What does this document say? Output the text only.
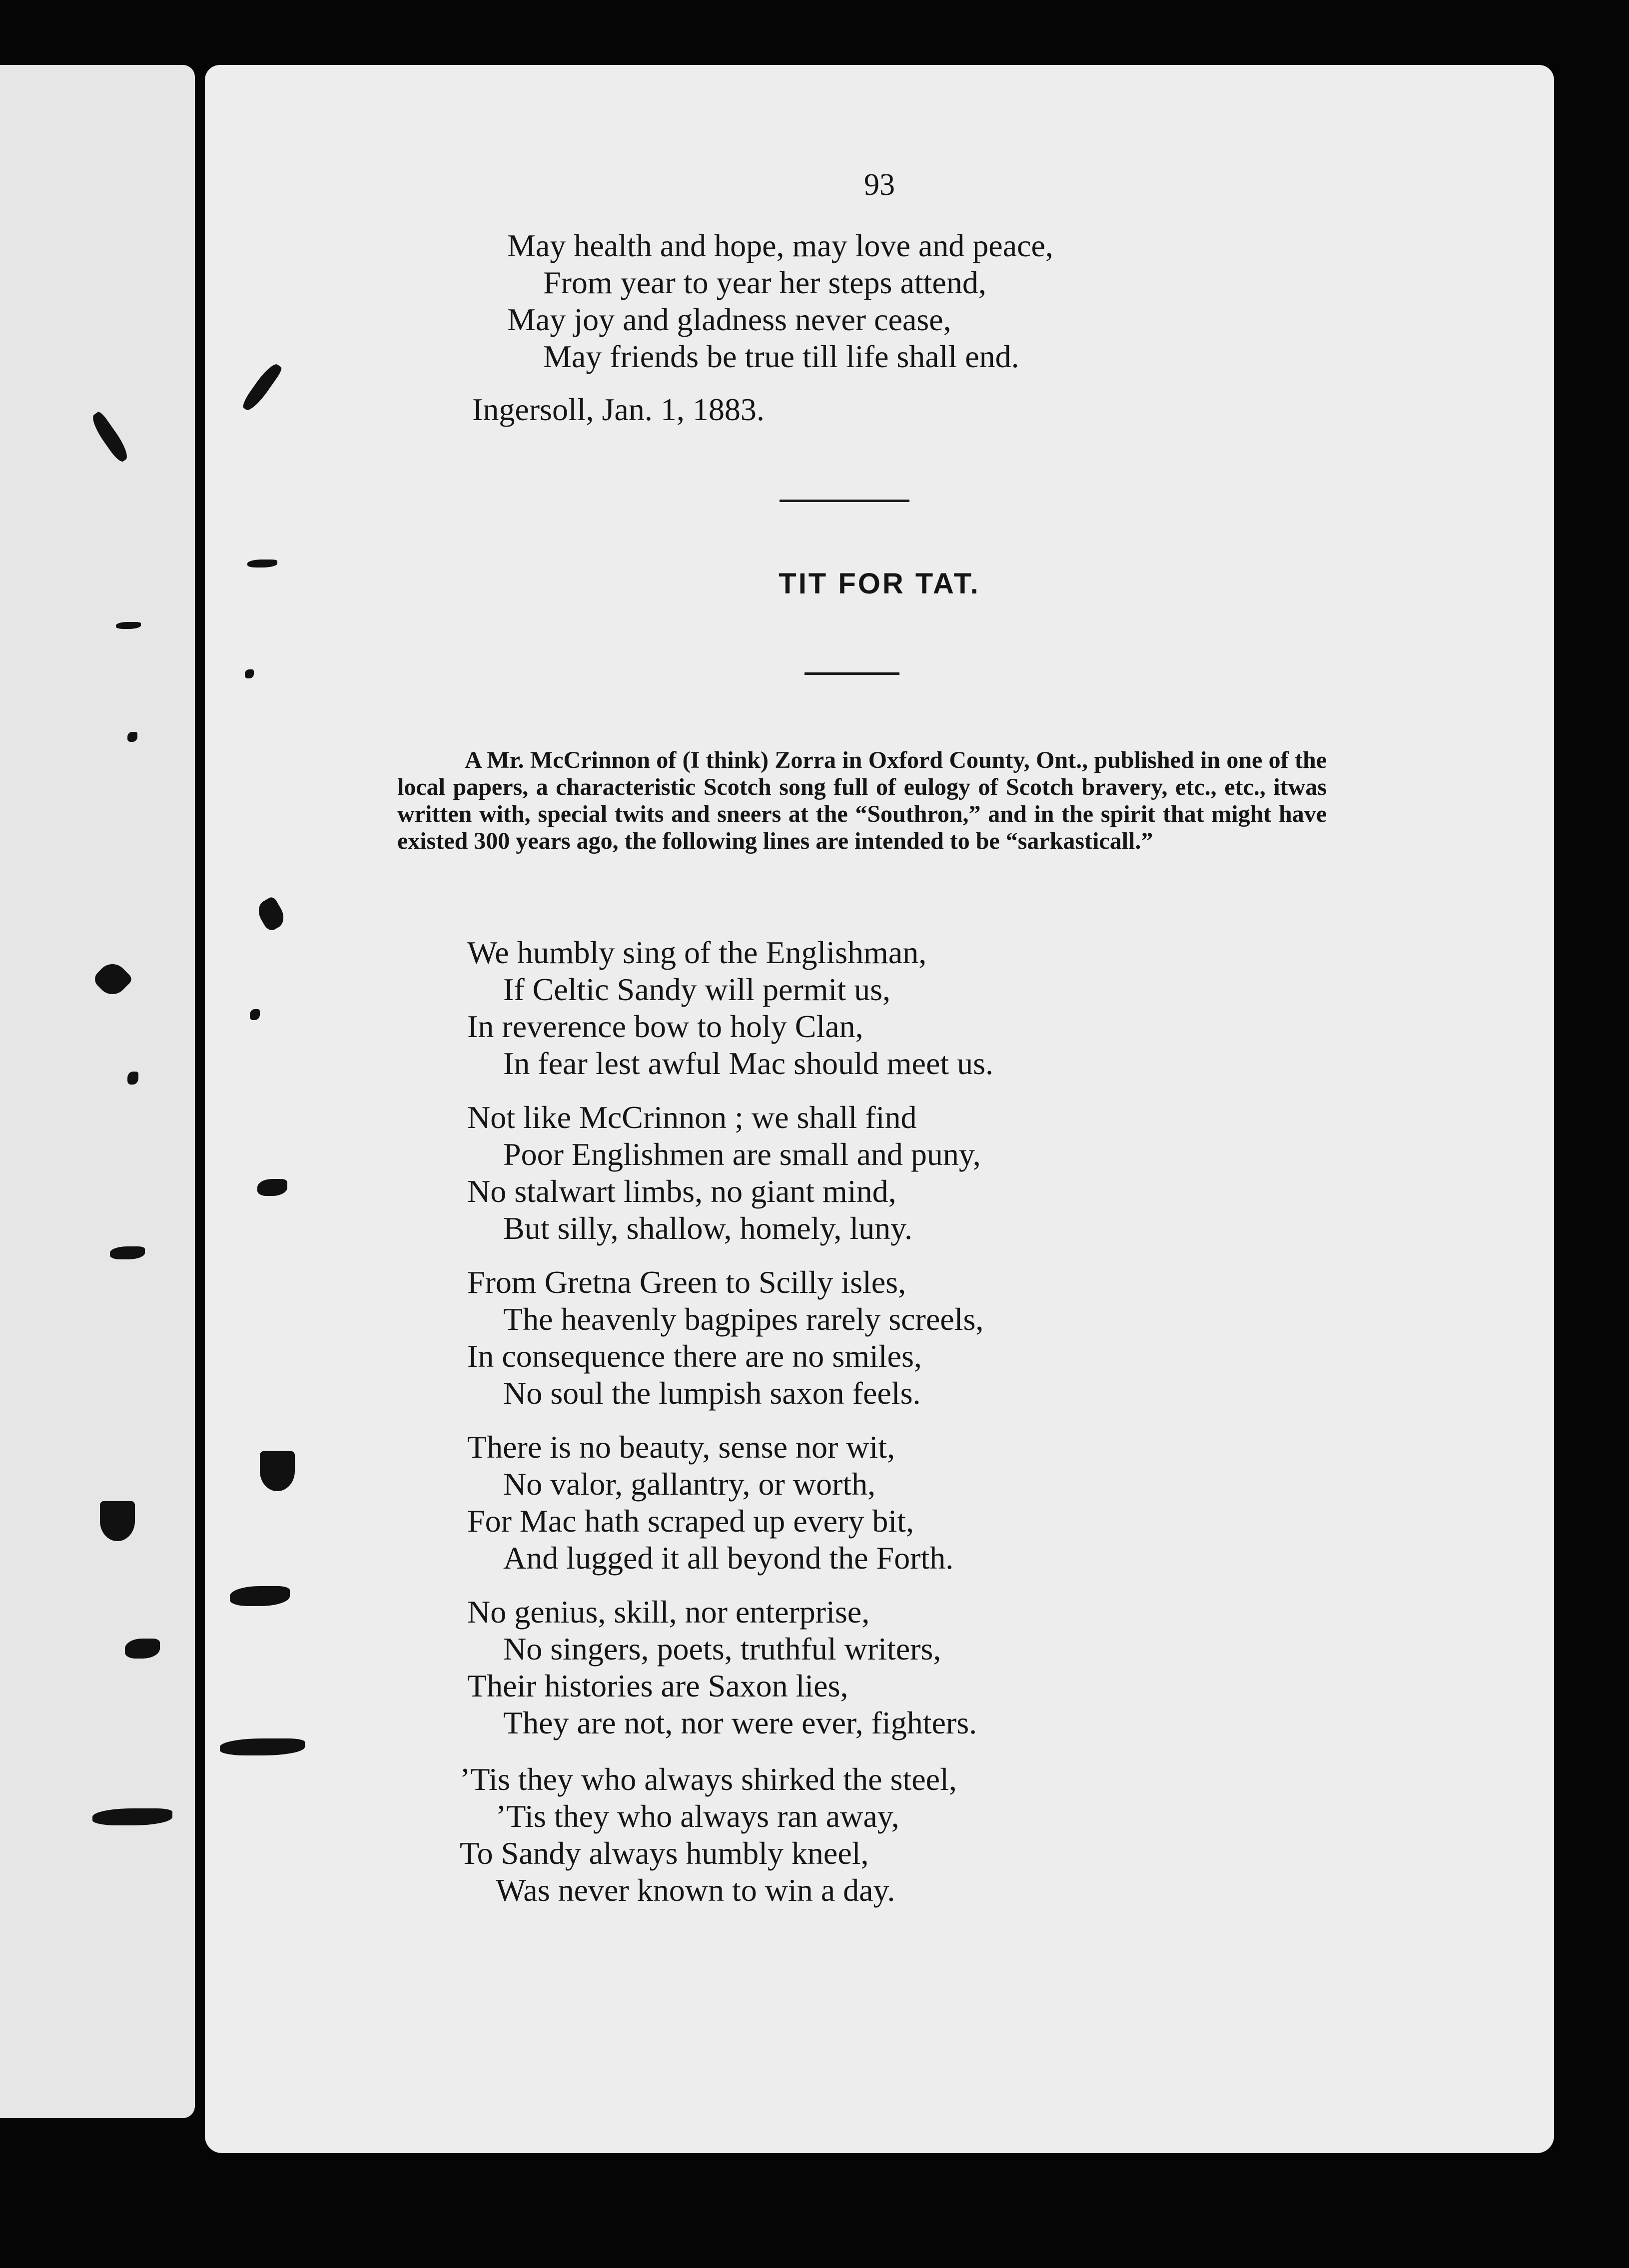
93

May health and hope, may love and peace,
From year to year her steps attend,
May joy and gladness never cease,
May friends be true till life shall end.

Ingersoll, Jan. 1, 1883.
TIT FOR TAT.
A Mr. McCrinnon of (I think) Zorra in Oxford County, Ont., published in one of the local papers, a characteristic Scotch song full of eulogy of Scotch bravery, etc., etc., itwas written with, special twits and sneers at the “Southron,” and in the spirit that might have existed 300 years ago, the following lines are intended to be “sarkasticall.”

We humbly sing of the Englishman,
If Celtic Sandy will permit us,
In reverence bow to holy Clan,
In fear lest awful Mac should meet us.

Not like McCrinnon ; we shall find
Poor Englishmen are small and puny,
No stalwart limbs, no giant mind,
But silly, shallow, homely, luny.

From Gretna Green to Scilly isles,
The heavenly bagpipes rarely screels,
In consequence there are no smiles,
No soul the lumpish saxon feels.

There is no beauty, sense nor wit,
No valor, gallantry, or worth,
For Mac hath scraped up every bit,
And lugged it all beyond the Forth.

No genius, skill, nor enterprise,
No singers, poets, truthful writers,
Their histories are Saxon lies,
They are not, nor were ever, fighters.

’Tis they who always shirked the steel,
’Tis they who always ran away,
To Sandy always humbly kneel,
Was never known to win a day.
